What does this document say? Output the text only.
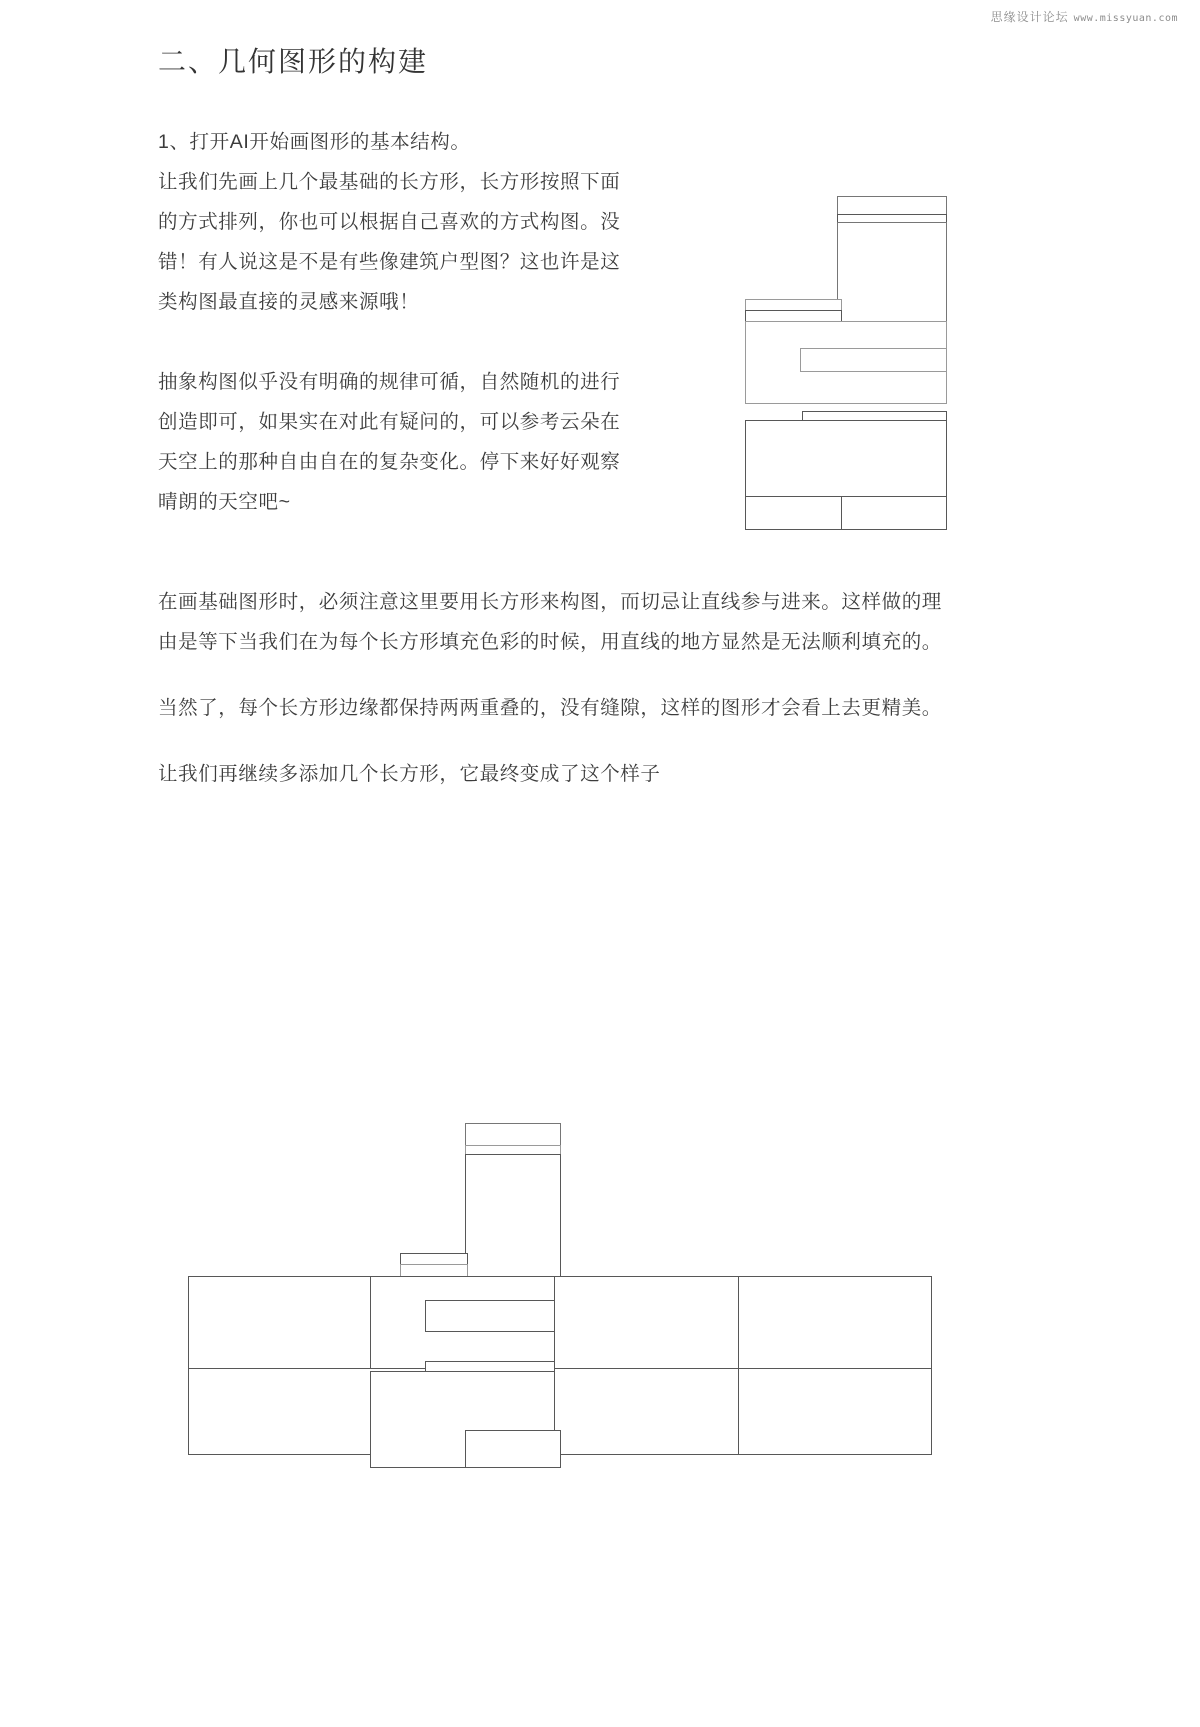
思缘设计论坛 www.missyuan.com
二、几何图形的构建

1、打开AI开始画图形的基本结构。

让我们先画上几个最基础的长方形，长方形按照下面的方式排列，你也可以根据自己喜欢的方式构图。没错！有人说这是不是有些像建筑户型图？这也许是这类构图最直接的灵感来源哦！

抽象构图似乎没有明确的规律可循，自然随机的进行创造即可，如果实在对此有疑问的，可以参考云朵在天空上的那种自由自在的复杂变化。停下来好好观察晴朗的天空吧~

在画基础图形时，必须注意这里要用长方形来构图，而切忌让直线参与进来。这样做的理由是等下当我们在为每个长方形填充色彩的时候，用直线的地方显然是无法顺利填充的。

当然了，每个长方形边缘都保持两两重叠的，没有缝隙，这样的图形才会看上去更精美。

让我们再继续多添加几个长方形，它最终变成了这个样子
